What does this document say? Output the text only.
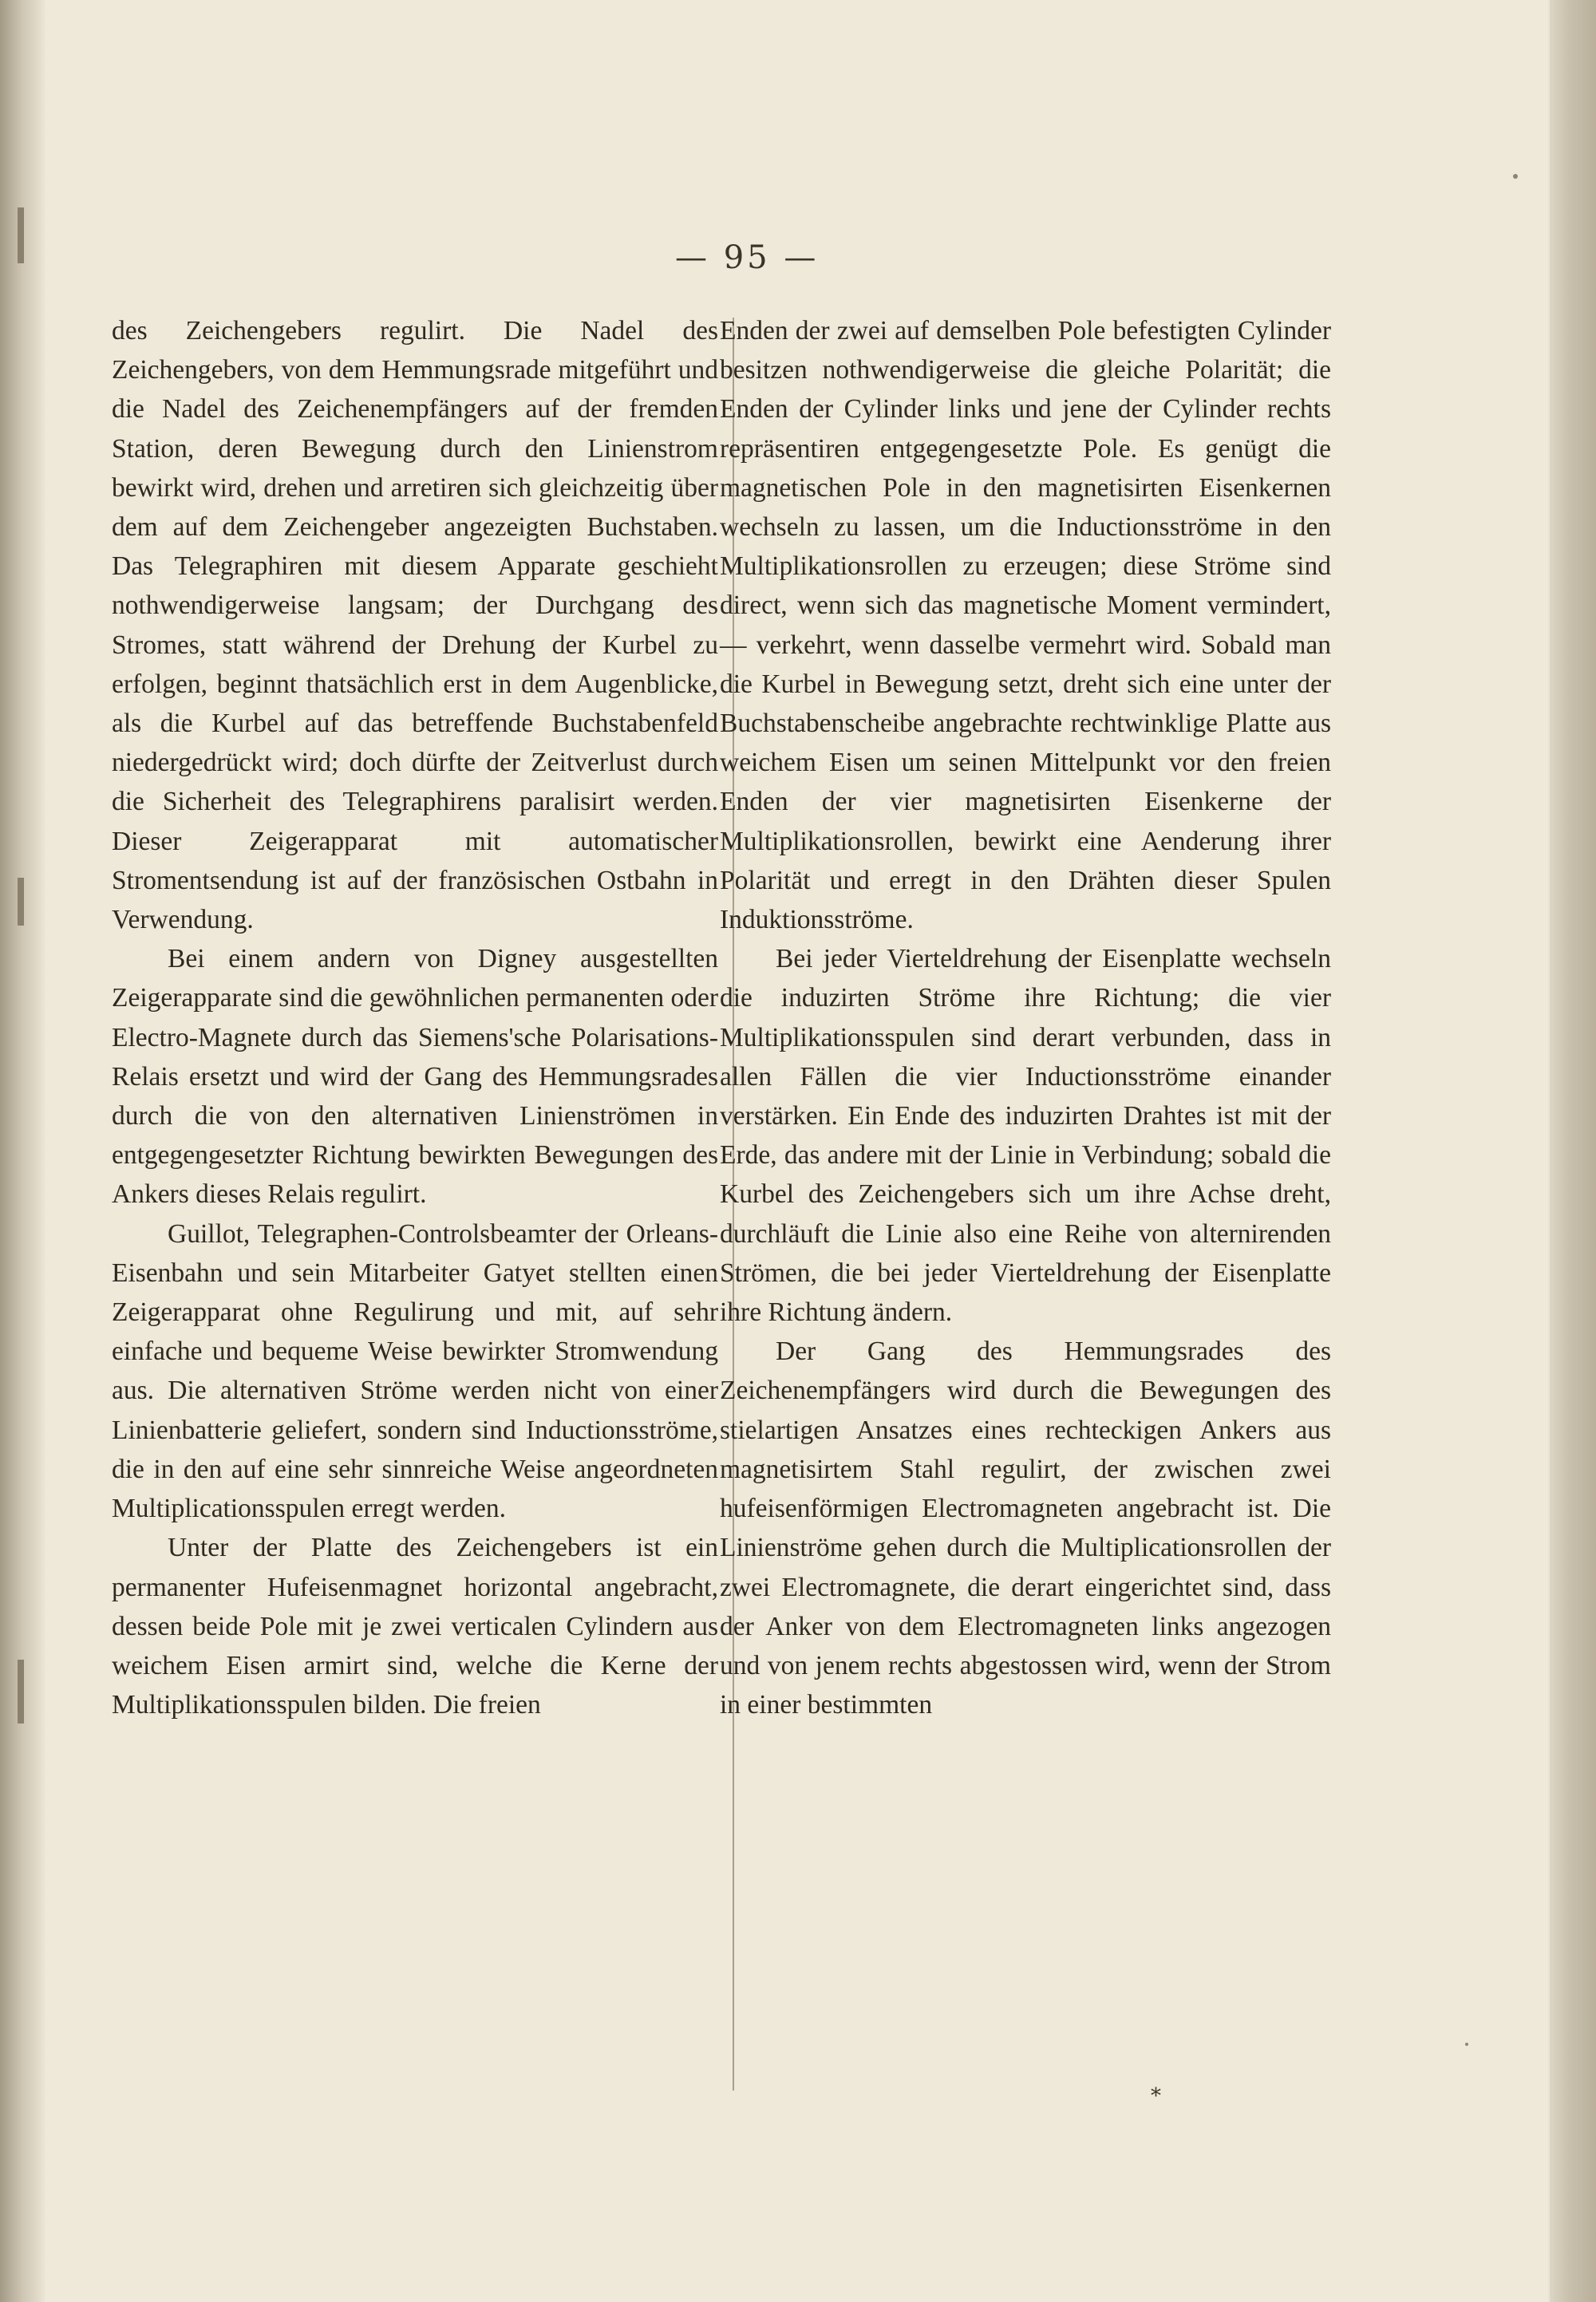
— 95 —

des Zeichengebers regulirt. Die Nadel des Zeichengebers, von dem Hemmungsrade mitgeführt und die Nadel des Zeichenempfängers auf der fremden Station, deren Bewegung durch den Linienstrom bewirkt wird, drehen und arretiren sich gleichzeitig über dem auf dem Zeichengeber angezeigten Buchstaben. Das Telegraphiren mit diesem Apparate geschieht nothwendigerweise langsam; der Durchgang des Stromes, statt während der Drehung der Kurbel zu erfolgen, beginnt thatsächlich erst in dem Augenblicke, als die Kurbel auf das betreffende Buchstabenfeld niedergedrückt wird; doch dürfte der Zeitverlust durch die Sicherheit des Telegraphirens paralisirt werden. Dieser Zeigerapparat mit automatischer Stromentsendung ist auf der französischen Ostbahn in Verwendung.

Bei einem andern von Digney ausgestellten Zeigerapparate sind die gewöhnlichen permanenten oder Electro-Magnete durch das Siemens'sche Polarisations-Relais ersetzt und wird der Gang des Hemmungsrades durch die von den alternativen Linienströmen in entgegengesetzter Richtung bewirkten Bewegungen des Ankers dieses Relais regulirt.

Guillot, Telegraphen-Controlsbeamter der Orleans-Eisenbahn und sein Mitarbeiter Gatyet stellten einen Zeigerapparat ohne Regulirung und mit, auf sehr einfache und bequeme Weise bewirkter Stromwendung aus. Die alternativen Ströme werden nicht von einer Linienbatterie geliefert, sondern sind Inductionsströme, die in den auf eine sehr sinnreiche Weise angeordneten Multiplicationsspulen erregt werden.

Unter der Platte des Zeichengebers ist ein permanenter Hufeisenmagnet horizontal angebracht, dessen beide Pole mit je zwei verticalen Cylindern aus weichem Eisen armirt sind, welche die Kerne der Multiplikationsspulen bilden. Die freien

Enden der zwei auf demselben Pole befestigten Cylinder besitzen nothwendigerweise die gleiche Polarität; die Enden der Cylinder links und jene der Cylinder rechts repräsentiren entgegengesetzte Pole. Es genügt die magnetischen Pole in den magnetisirten Eisenkernen wechseln zu lassen, um die Inductionsströme in den Multiplikationsrollen zu erzeugen; diese Ströme sind direct, wenn sich das magnetische Moment vermindert, — verkehrt, wenn dasselbe vermehrt wird. Sobald man die Kurbel in Bewegung setzt, dreht sich eine unter der Buchstabenscheibe angebrachte rechtwinklige Platte aus weichem Eisen um seinen Mittelpunkt vor den freien Enden der vier magnetisirten Eisenkerne der Multiplikationsrollen, bewirkt eine Aenderung ihrer Polarität und erregt in den Drähten dieser Spulen Induktionsströme.

Bei jeder Vierteldrehung der Eisenplatte wechseln die induzirten Ströme ihre Richtung; die vier Multiplikationsspulen sind derart verbunden, dass in allen Fällen die vier Inductionsströme einander verstärken. Ein Ende des induzirten Drahtes ist mit der Erde, das andere mit der Linie in Verbindung; sobald die Kurbel des Zeichengebers sich um ihre Achse dreht, durchläuft die Linie also eine Reihe von alternirenden Strömen, die bei jeder Vierteldrehung der Eisenplatte ihre Richtung ändern.

Der Gang des Hemmungsrades des Zeichenempfängers wird durch die Bewegungen des stielartigen Ansatzes eines rechteckigen Ankers aus magnetisirtem Stahl regulirt, der zwischen zwei hufeisenförmigen Electromagneten angebracht ist. Die Linienströme gehen durch die Multiplicationsrollen der zwei Electromagnete, die derart eingerichtet sind, dass der Anker von dem Electromagneten links angezogen und von jenem rechts abgestossen wird, wenn der Strom in einer bestimmten

*
